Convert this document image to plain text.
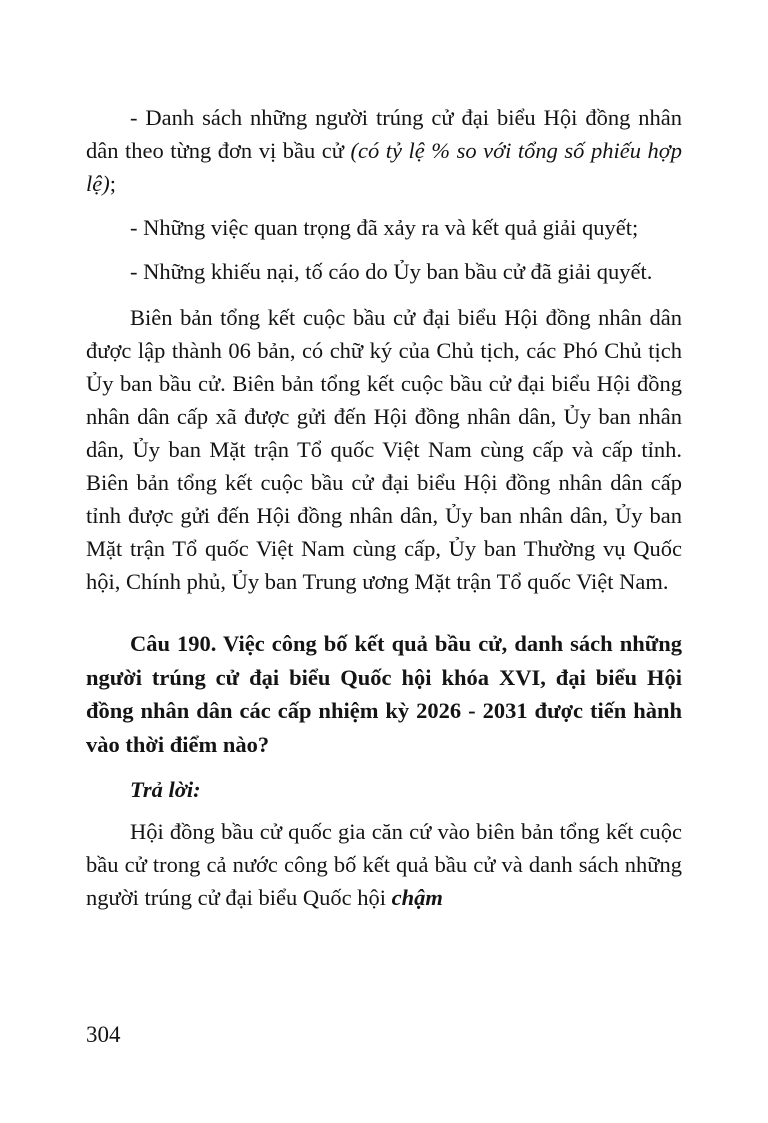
- Danh sách những người trúng cử đại biểu Hội đồng nhân dân theo từng đơn vị bầu cử (có tỷ lệ % so với tổng số phiếu hợp lệ);

- Những việc quan trọng đã xảy ra và kết quả giải quyết;

- Những khiếu nại, tố cáo do Ủy ban bầu cử đã giải quyết.

Biên bản tổng kết cuộc bầu cử đại biểu Hội đồng nhân dân được lập thành 06 bản, có chữ ký của Chủ tịch, các Phó Chủ tịch Ủy ban bầu cử. Biên bản tổng kết cuộc bầu cử đại biểu Hội đồng nhân dân cấp xã được gửi đến Hội đồng nhân dân, Ủy ban nhân dân, Ủy ban Mặt trận Tổ quốc Việt Nam cùng cấp và cấp tỉnh. Biên bản tổng kết cuộc bầu cử đại biểu Hội đồng nhân dân cấp tỉnh được gửi đến Hội đồng nhân dân, Ủy ban nhân dân, Ủy ban Mặt trận Tổ quốc Việt Nam cùng cấp, Ủy ban Thường vụ Quốc hội, Chính phủ, Ủy ban Trung ương Mặt trận Tổ quốc Việt Nam.

Câu 190. Việc công bố kết quả bầu cử, danh sách những người trúng cử đại biểu Quốc hội khóa XVI, đại biểu Hội đồng nhân dân các cấp nhiệm kỳ 2026 - 2031 được tiến hành vào thời điểm nào?

Trả lời:

Hội đồng bầu cử quốc gia căn cứ vào biên bản tổng kết cuộc bầu cử trong cả nước công bố kết quả bầu cử và danh sách những người trúng cử đại biểu Quốc hội chậm

304
